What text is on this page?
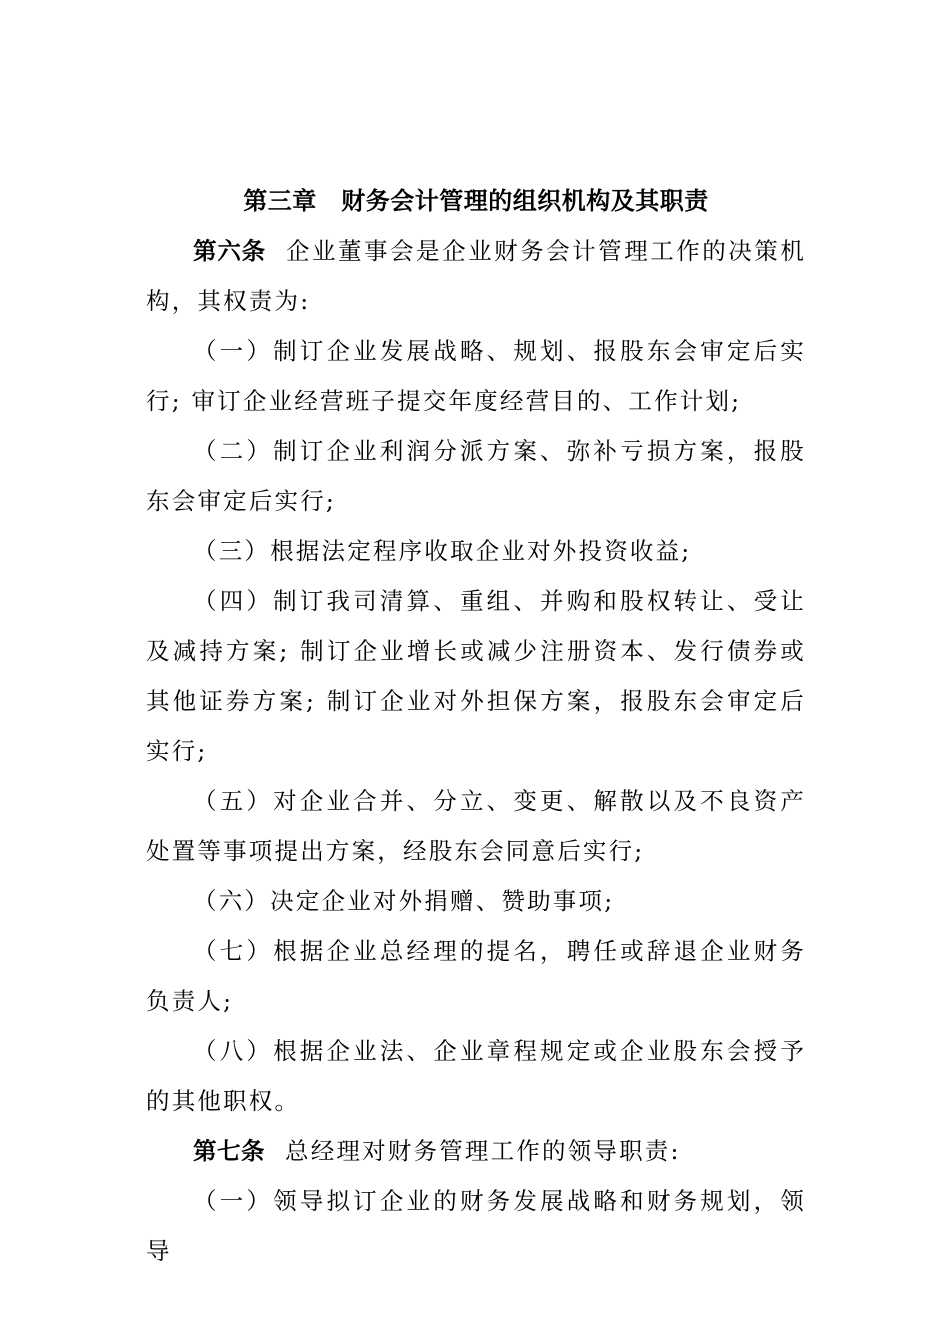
第三章　财务会计管理的组织机构及其职责

第六条 企业董事会是企业财务会计管理工作的决策机构，其权责为:

（一）制订企业发展战略、规划、报股东会审定后实行; 审订企业经营班子提交年度经营目的、工作计划;

（二）制订企业利润分派方案、弥补亏损方案，报股东会审定后实行;

（三）根据法定程序收取企业对外投资收益;

（四）制订我司清算、重组、并购和股权转让、受让及减持方案; 制订企业增长或减少注册资本、发行债券或其他证券方案; 制订企业对外担保方案，报股东会审定后实行;

（五）对企业合并、分立、变更、解散以及不良资产处置等事项提出方案，经股东会同意后实行;

（六）决定企业对外捐赠、赞助事项;

（七）根据企业总经理的提名，聘任或辞退企业财务负责人;

（八）根据企业法、企业章程规定或企业股东会授予的其他职权。

第七条 总经理对财务管理工作的领导职责:

（一）领导拟订企业的财务发展战略和财务规划，领导
